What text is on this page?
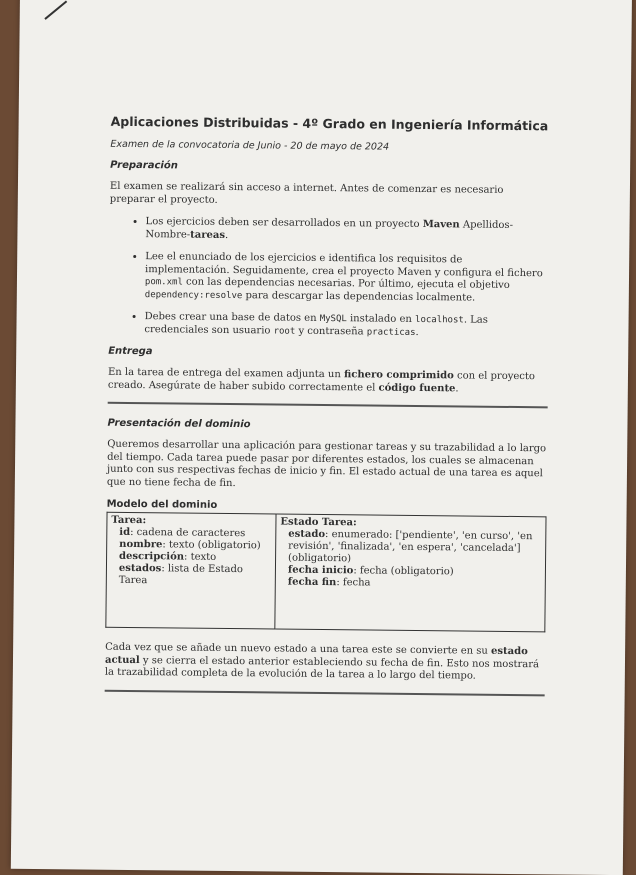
Aplicaciones Distribuidas - 4º Grado en Ingeniería Informática
Examen de la convocatoria de Junio - 20 de mayo de 2024
Preparación

El examen se realizará sin acceso a internet. Antes de comenzar es necesario preparar el proyecto.

• Los ejercicios deben ser desarrollados en un proyecto Maven Apellidos-Nombre-tareas.
• Lee el enunciado de los ejercicios e identifica los requisitos de implementación. Seguidamente, crea el proyecto Maven y configura el fichero pom.xml con las dependencias necesarias. Por último, ejecuta el objetivo dependency:resolve para descargar las dependencias localmente.
• Debes crear una base de datos en MySQL instalado en localhost. Las credenciales son usuario root y contraseña practicas.
Entrega

En la tarea de entrega del examen adjunta un fichero comprimido con el proyecto creado. Asegúrate de haber subido correctamente el código fuente.

Presentación del dominio

Queremos desarrollar una aplicación para gestionar tareas y su trazabilidad a lo largo del tiempo. Cada tarea puede pasar por diferentes estados, los cuales se almacenan junto con sus respectivas fechas de inicio y fin. El estado actual de una tarea es aquel que no tiene fecha de fin.

Modelo del dominio
Tarea:
id: cadena de caracteres
nombre: texto (obligatorio)
descripción: texto
estados: lista de Estado Tarea

Estado Tarea:
estado: enumerado: ['pendiente', 'en curso', 'en revisión', 'finalizada', 'en espera', 'cancelada'] (obligatorio)
fecha inicio: fecha (obligatorio)
fecha fin: fecha

Cada vez que se añade un nuevo estado a una tarea este se convierte en su estado actual y se cierra el estado anterior estableciendo su fecha de fin. Esto nos mostrará la trazabilidad completa de la evolución de la tarea a lo largo del tiempo.
